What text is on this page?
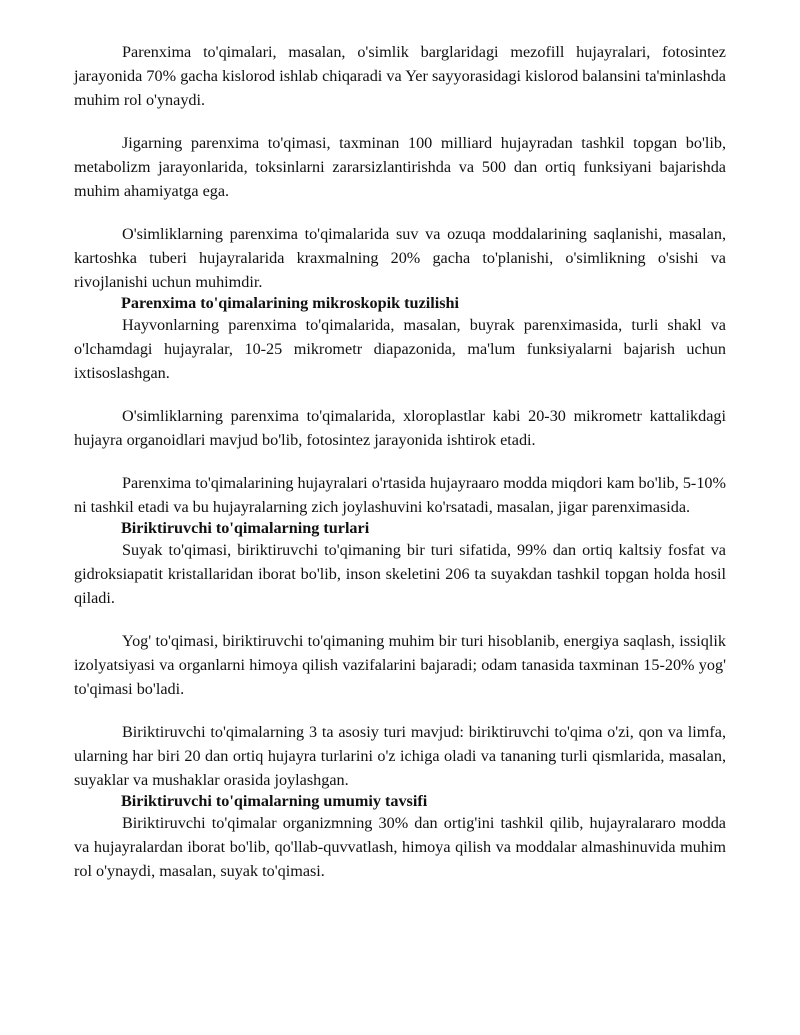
Parenxima to'qimalari, masalan, o'simlik barglaridagi mezofill hujayralari, fotosintez jarayonida 70% gacha kislorod ishlab chiqaradi va Yer sayyorasidagi kislorod balansini ta'minlashda muhim rol o'ynaydi.

Jigarning parenxima to'qimasi, taxminan 100 milliard hujayradan tashkil topgan bo'lib, metabolizm jarayonlarida, toksinlarni zararsizlantirishda va 500 dan ortiq funksiyani bajarishda muhim ahamiyatga ega.

O'simliklarning parenxima to'qimalarida suv va ozuqa moddalarining saqlanishi, masalan, kartoshka tuberi hujayralarida kraxmalning 20% gacha to'planishi, o'simlikning o'sishi va rivojlanishi uchun muhimdir.

Parenxima to'qimalarining mikroskopik tuzilishi

Hayvonlarning parenxima to'qimalarida, masalan, buyrak parenximasida, turli shakl va o'lchamdagi hujayralar, 10-25 mikrometr diapazonida, ma'lum funksiyalarni bajarish uchun ixtisoslashgan.

O'simliklarning parenxima to'qimalarida, xloroplastlar kabi 20-30 mikrometr kattalikdagi hujayra organoidlari mavjud bo'lib, fotosintez jarayonida ishtirok etadi.

Parenxima to'qimalarining hujayralari o'rtasida hujayraaro modda miqdori kam bo'lib, 5-10% ni tashkil etadi va bu hujayralarning zich joylashuvini ko'rsatadi, masalan, jigar parenximasida.

Biriktiruvchi to'qimalarning turlari

Suyak to'qimasi, biriktiruvchi to'qimaning bir turi sifatida, 99% dan ortiq kaltsiy fosfat va gidroksiapatit kristallaridan iborat bo'lib, inson skeletini 206 ta suyakdan tashkil topgan holda hosil qiladi.

Yog' to'qimasi, biriktiruvchi to'qimaning muhim bir turi hisoblanib, energiya saqlash, issiqlik izolyatsiyasi va organlarni himoya qilish vazifalarini bajaradi; odam tanasida taxminan 15-20% yog' to'qimasi bo'ladi.

Biriktiruvchi to'qimalarning 3 ta asosiy turi mavjud: biriktiruvchi to'qima o'zi, qon va limfa, ularning har biri 20 dan ortiq hujayra turlarini o'z ichiga oladi va tananing turli qismlarida, masalan, suyaklar va mushaklar orasida joylashgan.

Biriktiruvchi to'qimalarning umumiy tavsifi

Biriktiruvchi to'qimalar organizmning 30% dan ortig'ini tashkil qilib, hujayralararo modda va hujayralardan iborat bo'lib, qo'llab-quvvatlash, himoya qilish va moddalar almashinuvida muhim rol o'ynaydi, masalan, suyak to'qimasi.
